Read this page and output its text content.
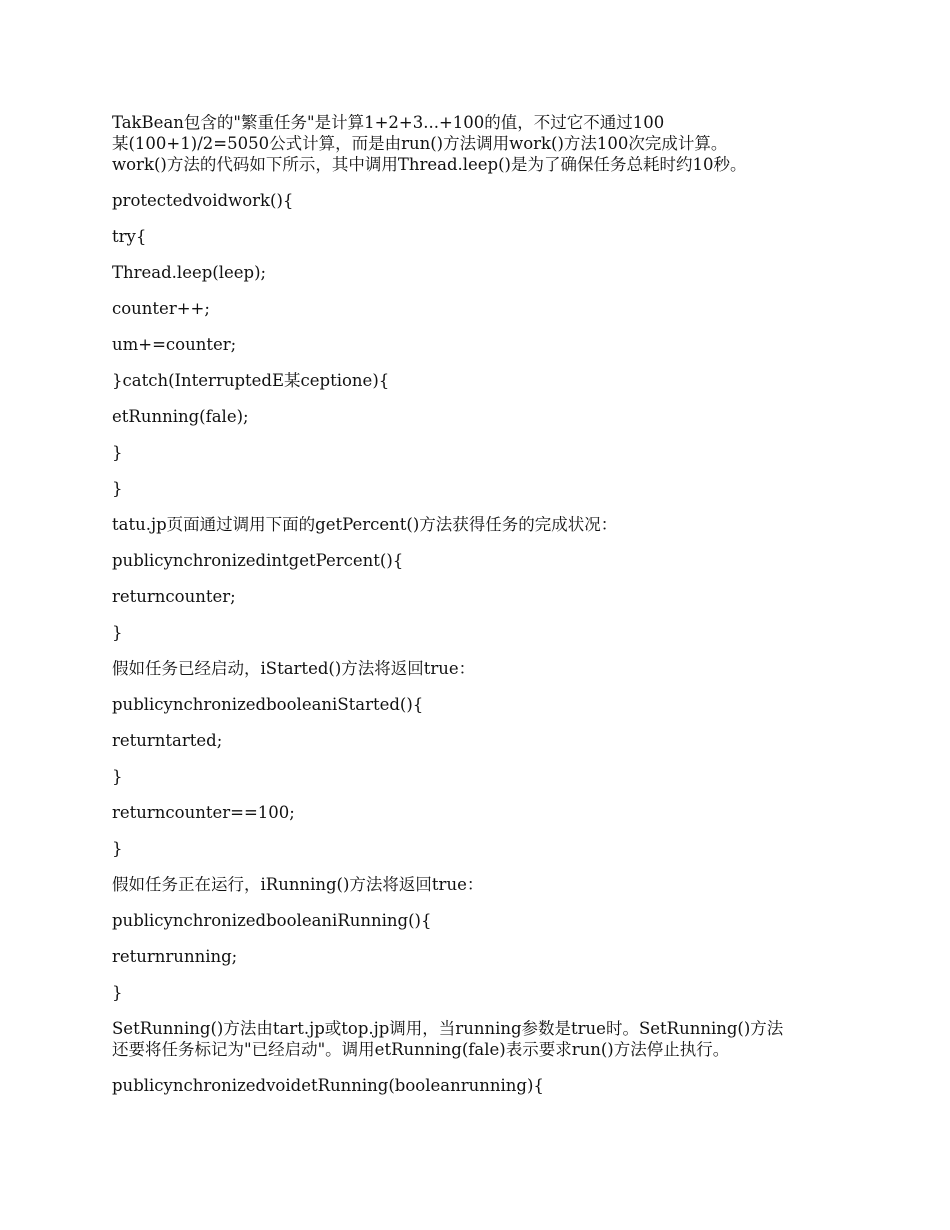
TakBean包含的"繁重任务"是计算1+2+3...+100的值，不过它不通过100
某(100+1)/2=5050公式计算，而是由run()方法调用work()方法100次完成计算。
work()方法的代码如下所示，其中调用Thread.leep()是为了确保任务总耗时约10秒。

protectedvoidwork(){

try{

Thread.leep(leep);

counter++;

um+=counter;

}catch(InterruptedE某ceptione){

etRunning(fale);

}

}

tatu.jp页面通过调用下面的getPercent()方法获得任务的完成状况：

publicynchronizedintgetPercent(){

returncounter;

}

假如任务已经启动，iStarted()方法将返回true：

publicynchronizedbooleaniStarted(){

returntarted;

}

returncounter==100;

}

假如任务正在运行，iRunning()方法将返回true：

publicynchronizedbooleaniRunning(){

returnrunning;

}

SetRunning()方法由tart.jp或top.jp调用，当running参数是true时。SetRunning()方法
还要将任务标记为"已经启动"。调用etRunning(fale)表示要求run()方法停止执行。

publicynchronizedvoidetRunning(booleanrunning){
